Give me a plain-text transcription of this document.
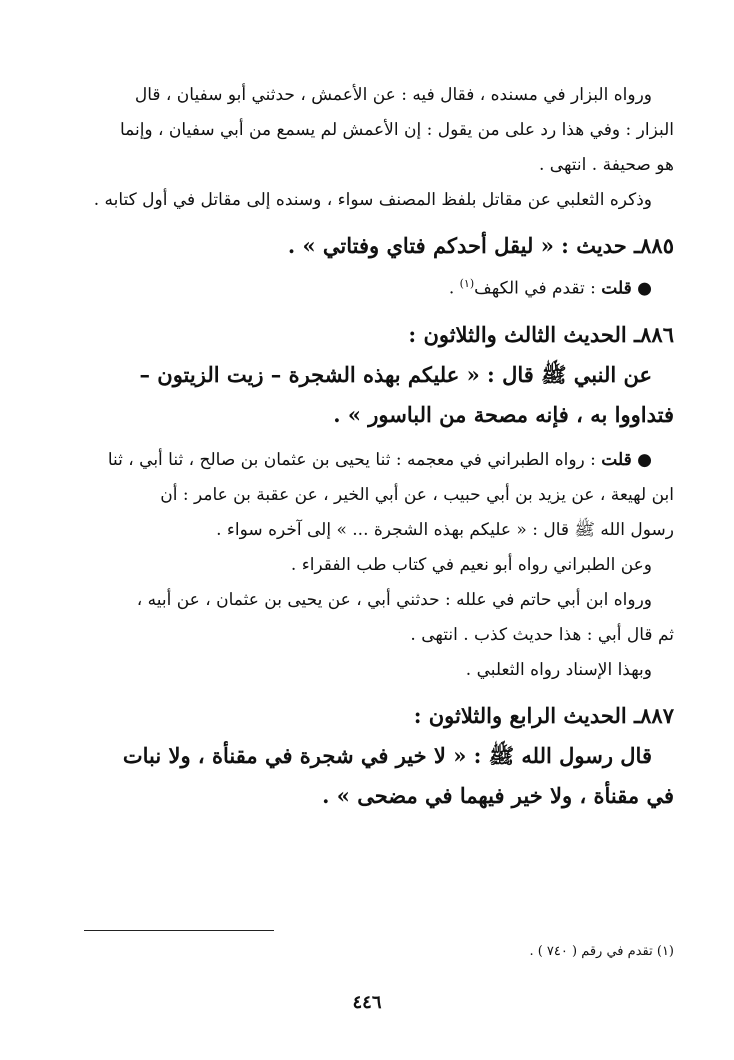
ورواه البزار في مسنده ، فقال فيه : عن الأعمش ، حدثني أبو سفيان ، قال

البزار : وفي هذا رد على من يقول : إن الأعمش لم يسمع من أبي سفيان ، وإنما

هو صحيفة . انتهى .

وذكره الثعلبي عن مقاتل بلفظ المصنف سواء ، وسنده إلى مقاتل في أول كتابه .

٨٨٥ـ حديث : « ليقل أحدكم فتاي وفتاتي » .

● قلت : تقدم في الكهف$^{(١)}$ .

٨٨٦ـ الحديث الثالث والثلاثون :

عن النبي ﷺ قال : « عليكم بهذه الشجرة – زيت الزيتون –

فتداووا به ، فإنه مصحة من الباسور » .

● قلت : رواه الطبراني في معجمه : ثنا يحيى بن عثمان بن صالح ، ثنا أبي ، ثنا

ابن لهيعة ، عن يزيد بن أبي حبيب ، عن أبي الخير ، عن عقبة بن عامر : أن

رسول الله ﷺ قال : « عليكم بهذه الشجرة ... » إلى آخره سواء .

وعن الطبراني رواه أبو نعيم في كتاب طب الفقراء .

ورواه ابن أبي حاتم في علله : حدثني أبي ، عن يحيى بن عثمان ، عن أبيه ،

ثم قال أبي : هذا حديث كذب . انتهى .

وبهذا الإسناد رواه الثعلبي .

٨٨٧ـ الحديث الرابع والثلاثون :

قال رسول الله ﷺ : « لا خير في شجرة في مقنأة ، ولا نبات

في مقنأة ، ولا خير فيهما في مضحى » .

(١) تقدم في رقم ( ٧٤٠ ) .
٤٤٦
